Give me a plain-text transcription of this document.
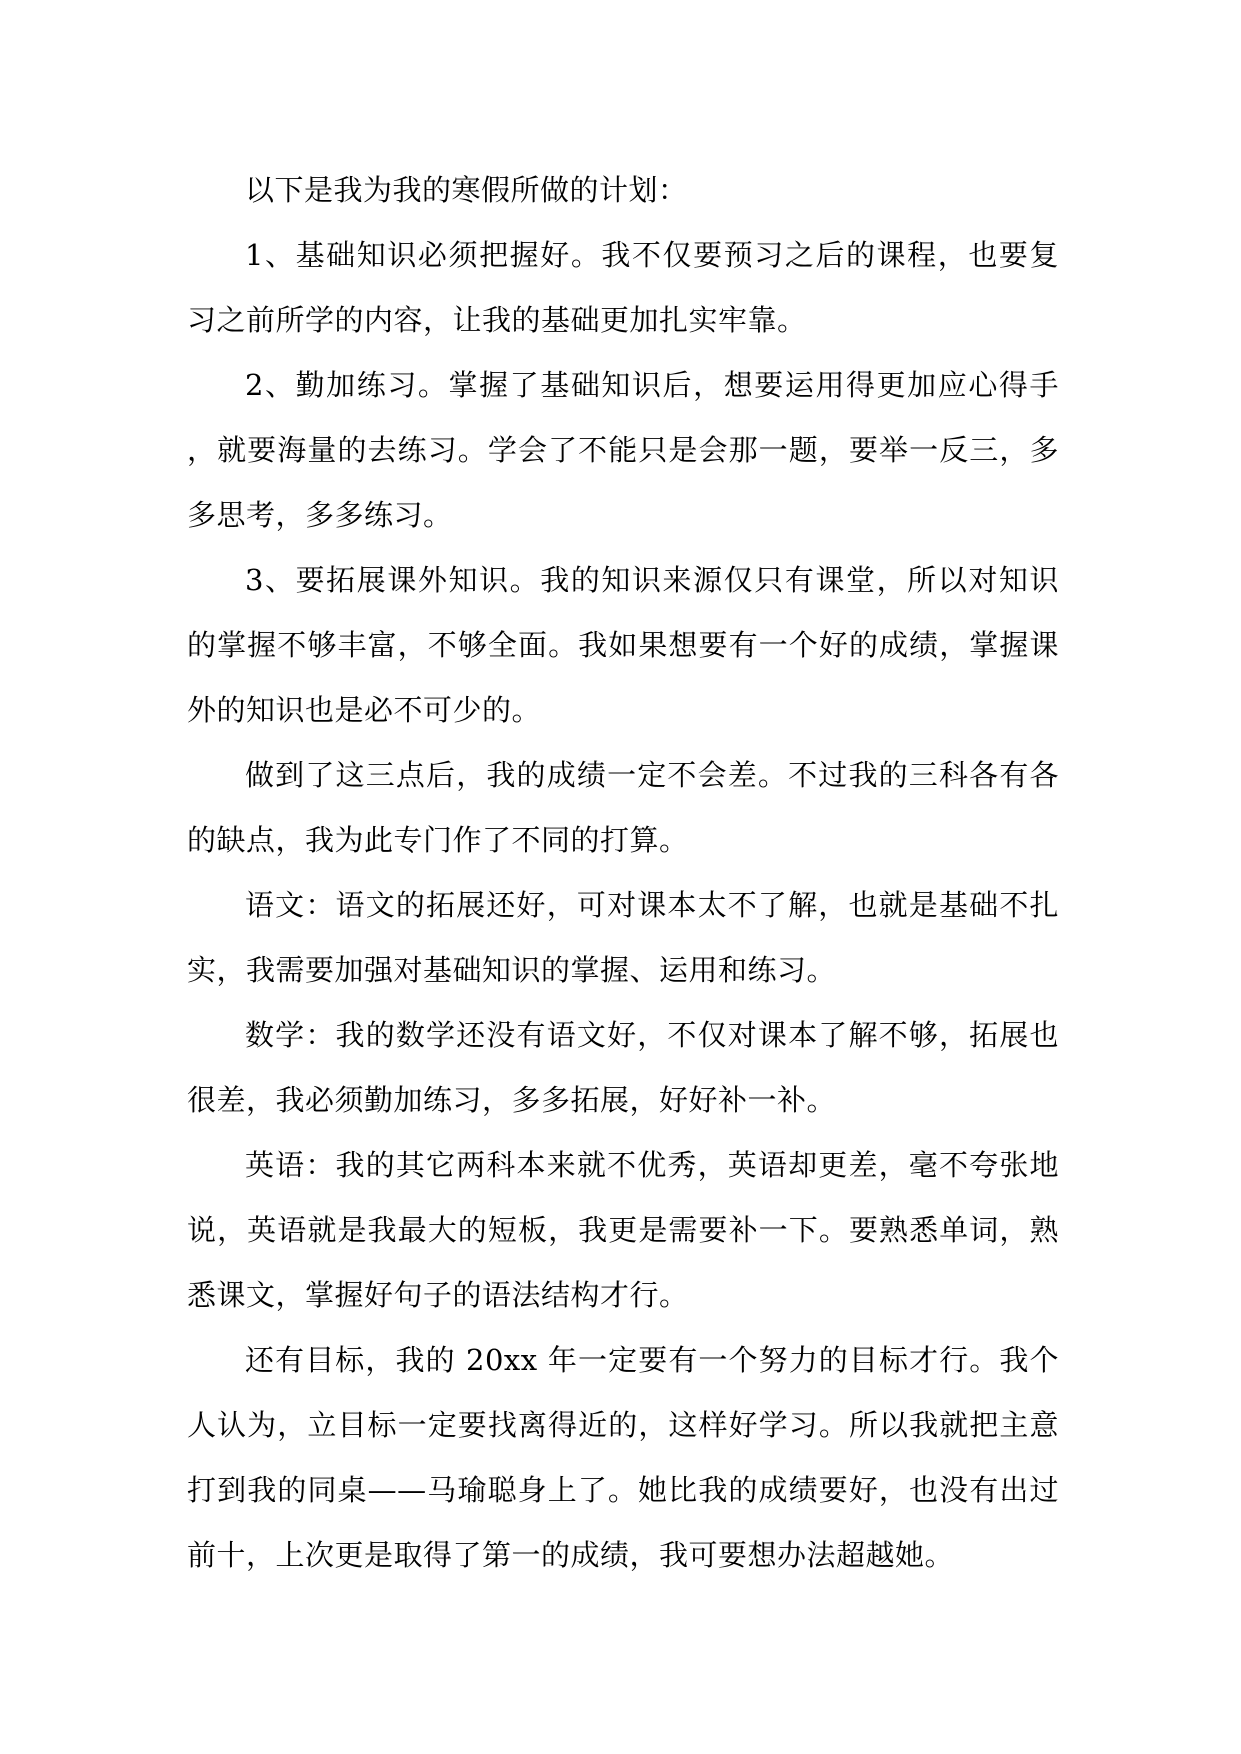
以下是我为我的寒假所做的计划：

1、基础知识必须把握好。我不仅要预习之后的课程，也要复习之前所学的内容，让我的基础更加扎实牢靠。

2、勤加练习。掌握了基础知识后，想要运用得更加应心得手，就要海量的去练习。学会了不能只是会那一题，要举一反三，多多思考，多多练习。

3、要拓展课外知识。我的知识来源仅只有课堂，所以对知识的掌握不够丰富，不够全面。我如果想要有一个好的成绩，掌握课外的知识也是必不可少的。

做到了这三点后，我的成绩一定不会差。不过我的三科各有各的缺点，我为此专门作了不同的打算。

语文：语文的拓展还好，可对课本太不了解，也就是基础不扎实，我需要加强对基础知识的掌握、运用和练习。

数学：我的数学还没有语文好，不仅对课本了解不够，拓展也很差，我必须勤加练习，多多拓展，好好补一补。

英语：我的其它两科本来就不优秀，英语却更差，毫不夸张地说，英语就是我最大的短板，我更是需要补一下。要熟悉单词，熟悉课文，掌握好句子的语法结构才行。

还有目标，我的 20xx 年一定要有一个努力的目标才行。我个人认为，立目标一定要找离得近的，这样好学习。所以我就把主意打到我的同桌——马瑜聪身上了。她比我的成绩要好，也没有出过前十，上次更是取得了第一的成绩，我可要想办法超越她。
